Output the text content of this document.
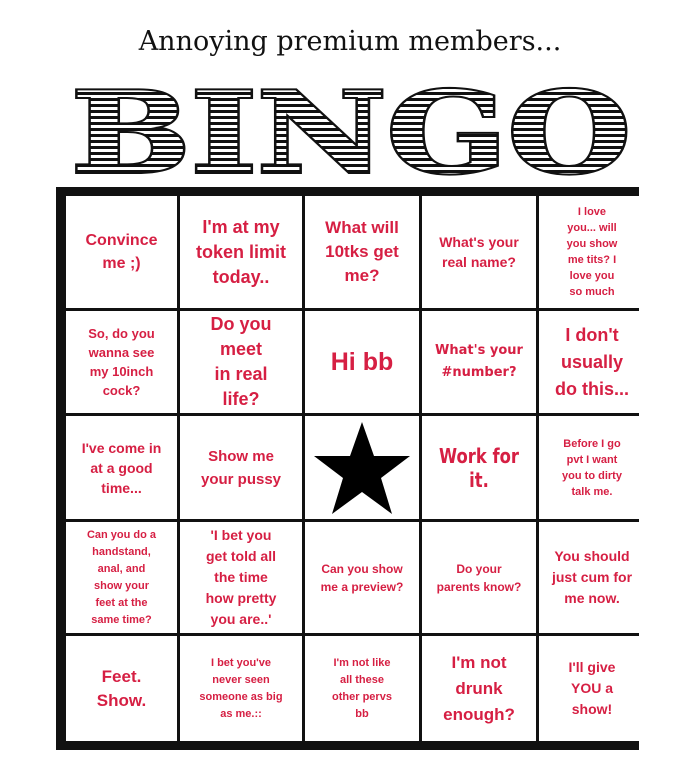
Annoying premium members...
BINGO
Convince
me ;)
I'm at my
token limit
today..
What will
10tks get
me?
What's your
real name?
I love
you... will
you show
me tits? I
love you
so much
So, do you
wanna see
my 10inch
cock?
Do you
meet
in real
life?
Hi bb	What's your
#number?
I don't
usually
do this...
I've come in
at a good
time...
Show me
your pussy
Work for it.
Before I go
pvt I want
you to dirty
talk me.
Can you do a
handstand,
anal, and
show your
feet at the
same time?
'I bet you
get told all
the time
how pretty
you are..'
Can you show
me a preview?
Do your
parents know?
You should
just cum for
me now.
Feet.
Show.
I bet you've
never seen
someone as big
as me.::
I'm not like
all these
other pervs
bb
I'm not
drunk
enough?
I'll give
YOU a
show!
